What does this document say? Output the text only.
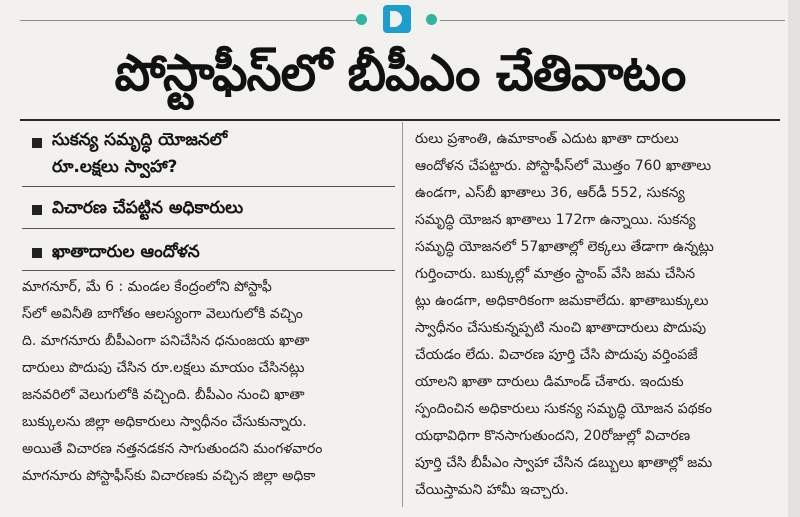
పోస్టాఫీస్‌లో బీపీఎం చేతివాటం
సుకన్య సమృద్ధి యోజనలో
రూ.లక్షలు స్వాహా?
విచారణ చేపట్టిన అధికారులు
ఖాతాదారుల ఆందోళన
మాగనూర్, మే 6 : మండల కేంద్రంలోని పోస్టాఫీ
స్‌లో అవినీతి బాగోతం ఆలస్యంగా వెలుగులోకి వచ్చిం
ది. మాగనూరు బీపీఎంగా పనిచేసిన ధనుంజయ ఖాతా
దారులు పొదుపు చేసిన రూ.లక్షలు మాయం చేసినట్లు
జనవరిలో వెలుగులోకి వచ్చింది. బీపీఎం నుంచి ఖాతా
బుక్కులను జిల్లా అధికారులు స్వాధీనం చేసుకున్నారు.
అయితే విచారణ నత్తనడకన సాగుతుందని మంగళవారం
మాగనూరు పోస్టాఫీస్‌కు విచారణకు వచ్చిన జిల్లా అధికా
రులు ప్రశాంతి, ఉమాకాంత్ ఎదుట ఖాతా దారులు
ఆందోళన చేపట్టారు. పోస్టాఫీస్‌లో మొత్తం 760 ఖాతాలు
ఉండగా, ఎస్‌బీ ఖాతాలు 36, ఆర్‌డీ 552, సుకన్య
సమృద్ధి యోజన ఖాతాలు 172గా ఉన్నాయి. సుకన్య
సమృద్ధి యోజనలో 57ఖాతాల్లో లెక్కలు తేడాగా ఉన్నట్లు
గుర్తించారు. బుక్కుల్లో మాత్రం స్టాంప్ వేసి జమ చేసిన
ట్లు ఉండగా, అధికారికంగా జమకాలేదు. ఖాతాబుక్కులు
స్వాధీనం చేసుకున్నప్పటి నుంచి ఖాతాదారులు పొదుపు
చేయడం లేదు. విచారణ పూర్తి చేసి పొదుపు వర్తింపజే
యాలని ఖాతా దారులు డిమాండ్ చేశారు. ఇందుకు
స్పందించిన అధికారులు సుకన్య సమృద్ధి యోజన పథకం
యథావిధిగా కొనసాగుతుందని, 20రోజుల్లో విచారణ
పూర్తి చేసి బీపీఎం స్వాహా చేసిన డబ్బులు ఖాతాల్లో జమ
చేయిస్తామని హామీ ఇచ్చారు.
